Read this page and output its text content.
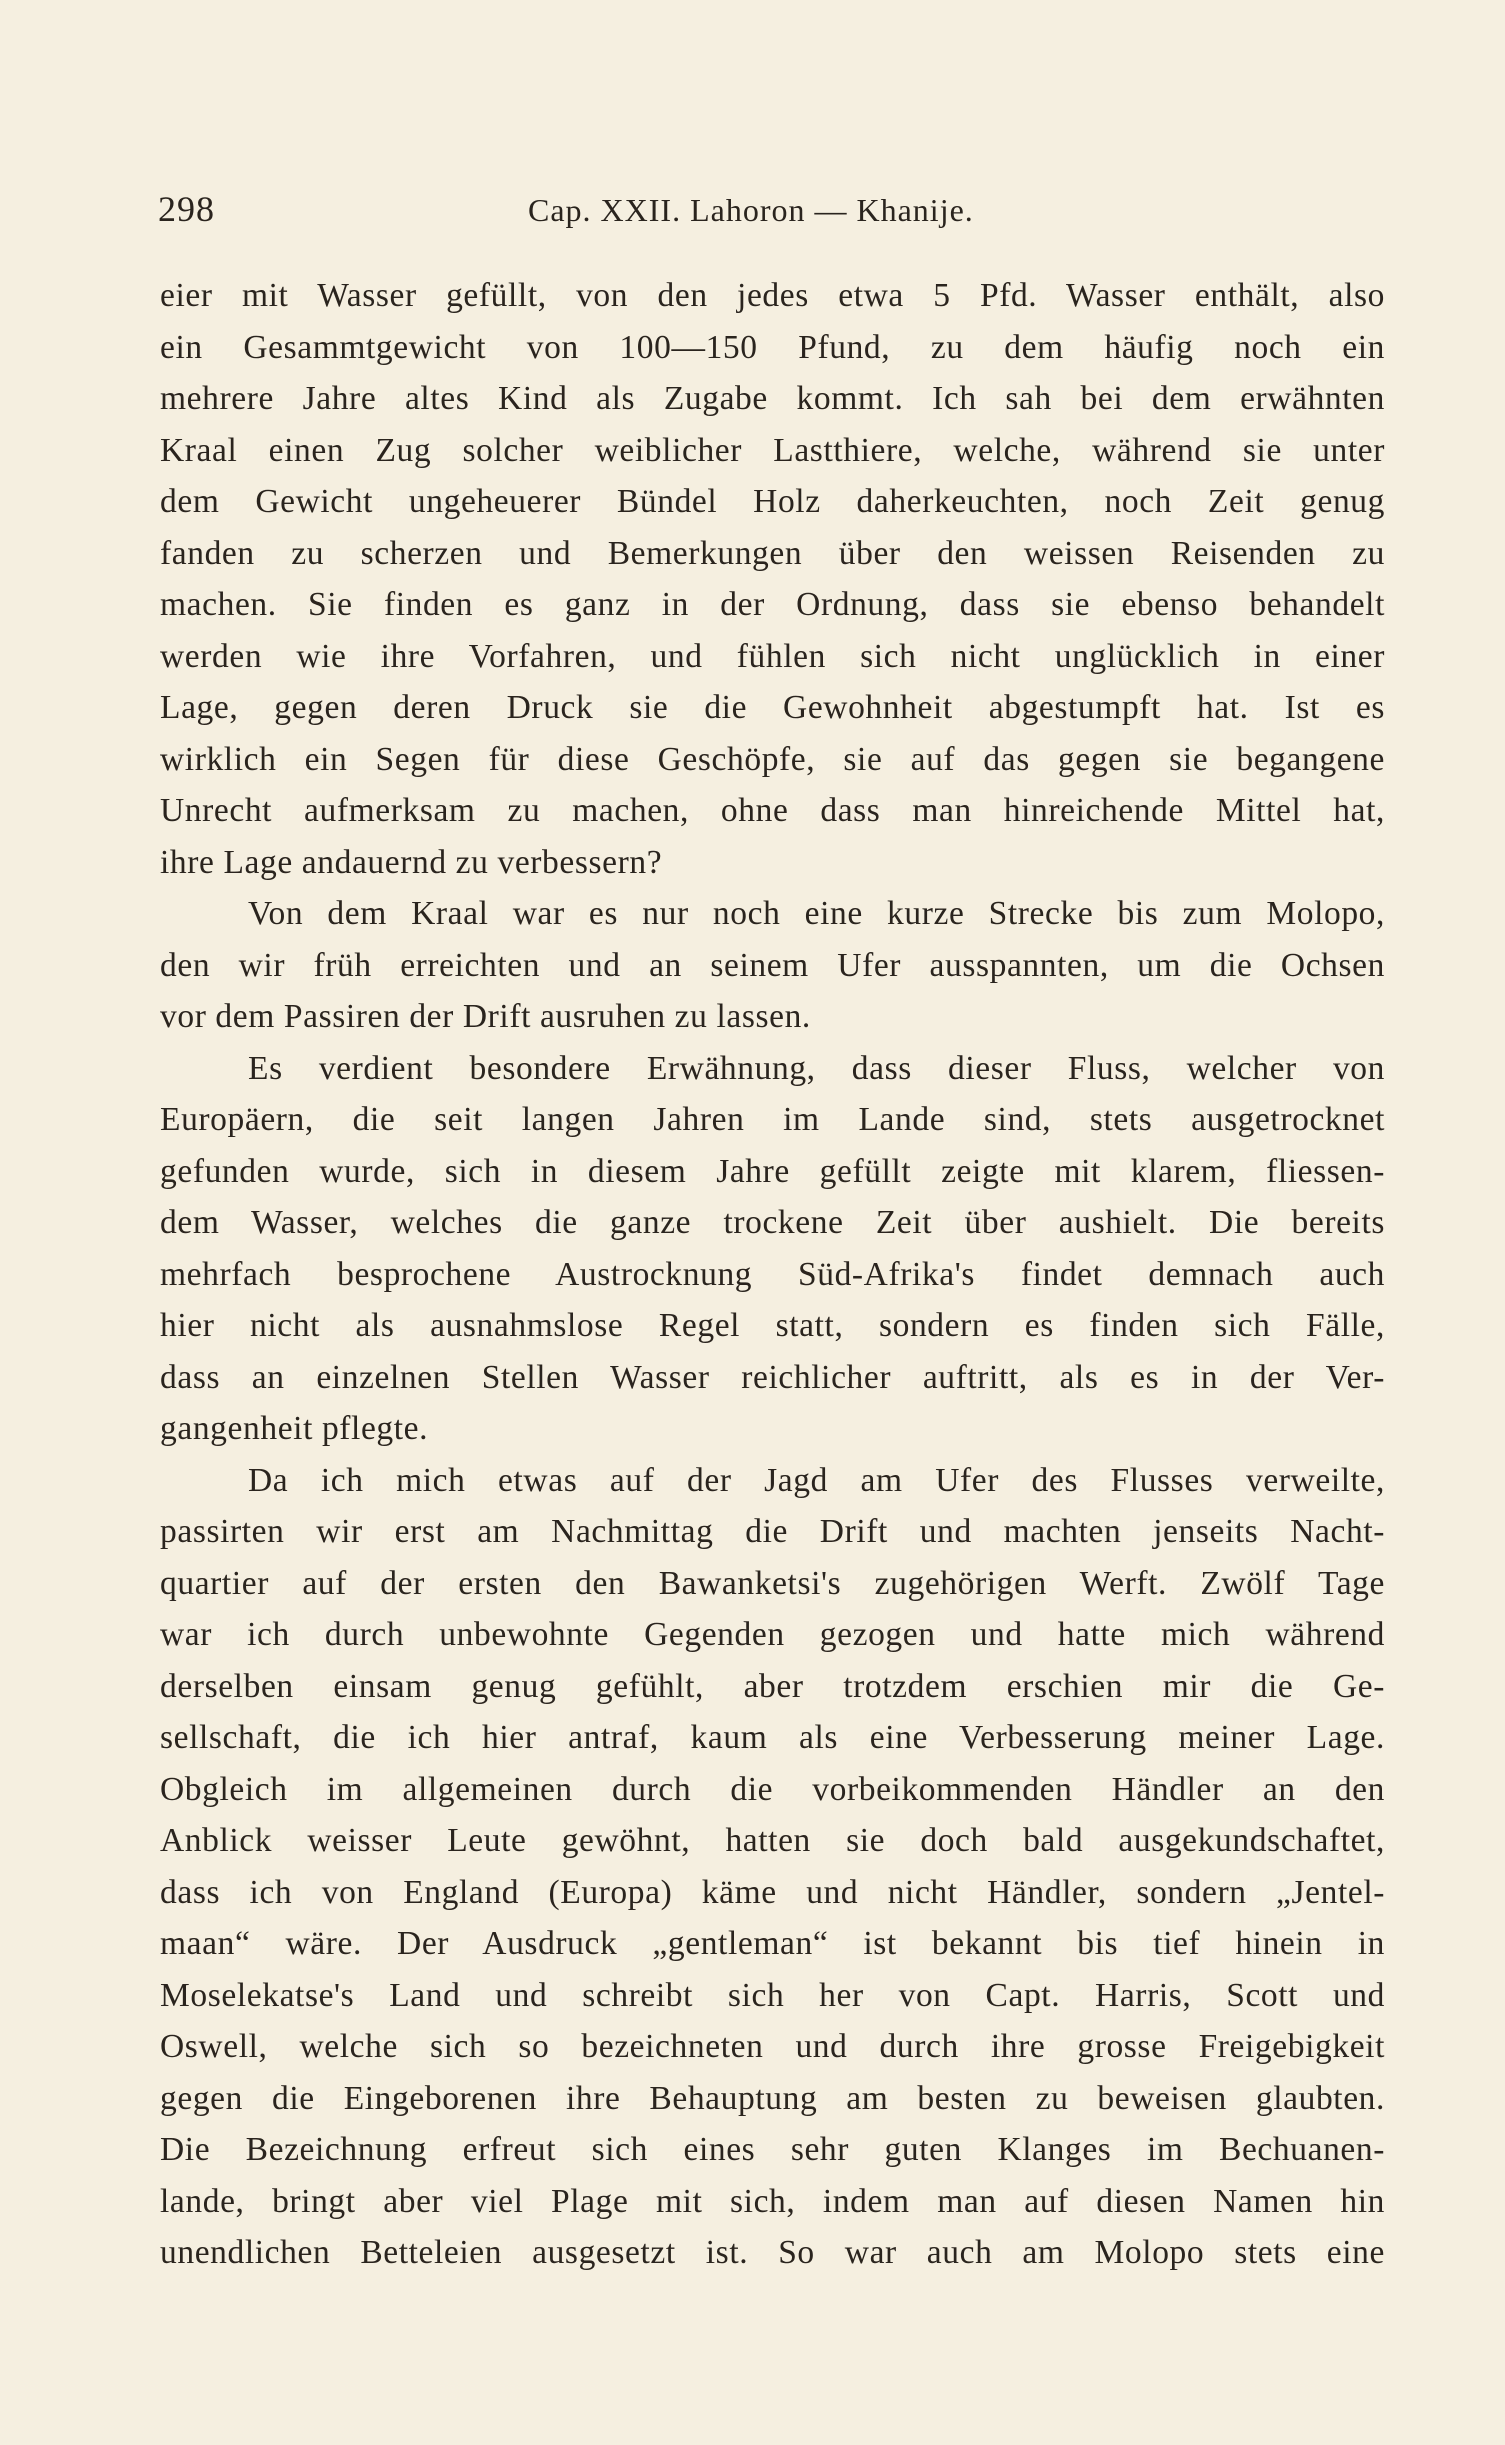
298	Cap. XXII. Lahoron — Khanije.
eier mit Wasser gefüllt, von den jedes etwa 5 Pfd. Wasser enthält, also
ein Gesammtgewicht von 100—150 Pfund, zu dem häufig noch ein
mehrere Jahre altes Kind als Zugabe kommt. Ich sah bei dem erwähnten
Kraal einen Zug solcher weiblicher Lastthiere, welche, während sie unter
dem Gewicht ungeheuerer Bündel Holz daherkeuchten, noch Zeit genug
fanden zu scherzen und Bemerkungen über den weissen Reisenden zu
machen. Sie finden es ganz in der Ordnung, dass sie ebenso behandelt
werden wie ihre Vorfahren, und fühlen sich nicht unglücklich in einer
Lage, gegen deren Druck sie die Gewohnheit abgestumpft hat. Ist es
wirklich ein Segen für diese Geschöpfe, sie auf das gegen sie begangene
Unrecht aufmerksam zu machen, ohne dass man hinreichende Mittel hat,
ihre Lage andauernd zu verbessern?
Von dem Kraal war es nur noch eine kurze Strecke bis zum Molopo,
den wir früh erreichten und an seinem Ufer ausspannten, um die Ochsen
vor dem Passiren der Drift ausruhen zu lassen.
Es verdient besondere Erwähnung, dass dieser Fluss, welcher von
Europäern, die seit langen Jahren im Lande sind, stets ausgetrocknet
gefunden wurde, sich in diesem Jahre gefüllt zeigte mit klarem, fliessen-
dem Wasser, welches die ganze trockene Zeit über aushielt. Die bereits
mehrfach besprochene Austrocknung Süd-Afrika's findet demnach auch
hier nicht als ausnahmslose Regel statt, sondern es finden sich Fälle,
dass an einzelnen Stellen Wasser reichlicher auftritt, als es in der Ver-
gangenheit pflegte.
Da ich mich etwas auf der Jagd am Ufer des Flusses verweilte,
passirten wir erst am Nachmittag die Drift und machten jenseits Nacht-
quartier auf der ersten den Bawanketsi's zugehörigen Werft. Zwölf Tage
war ich durch unbewohnte Gegenden gezogen und hatte mich während
derselben einsam genug gefühlt, aber trotzdem erschien mir die Ge-
sellschaft, die ich hier antraf, kaum als eine Verbesserung meiner Lage.
Obgleich im allgemeinen durch die vorbeikommenden Händler an den
Anblick weisser Leute gewöhnt, hatten sie doch bald ausgekundschaftet,
dass ich von England (Europa) käme und nicht Händler, sondern „Jentel-
maan“ wäre. Der Ausdruck „gentleman“ ist bekannt bis tief hinein in
Moselekatse's Land und schreibt sich her von Capt. Harris, Scott und
Oswell, welche sich so bezeichneten und durch ihre grosse Freigebigkeit
gegen die Eingeborenen ihre Behauptung am besten zu beweisen glaubten.
Die Bezeichnung erfreut sich eines sehr guten Klanges im Bechuanen-
lande, bringt aber viel Plage mit sich, indem man auf diesen Namen hin
unendlichen Betteleien ausgesetzt ist. So war auch am Molopo stets eine
